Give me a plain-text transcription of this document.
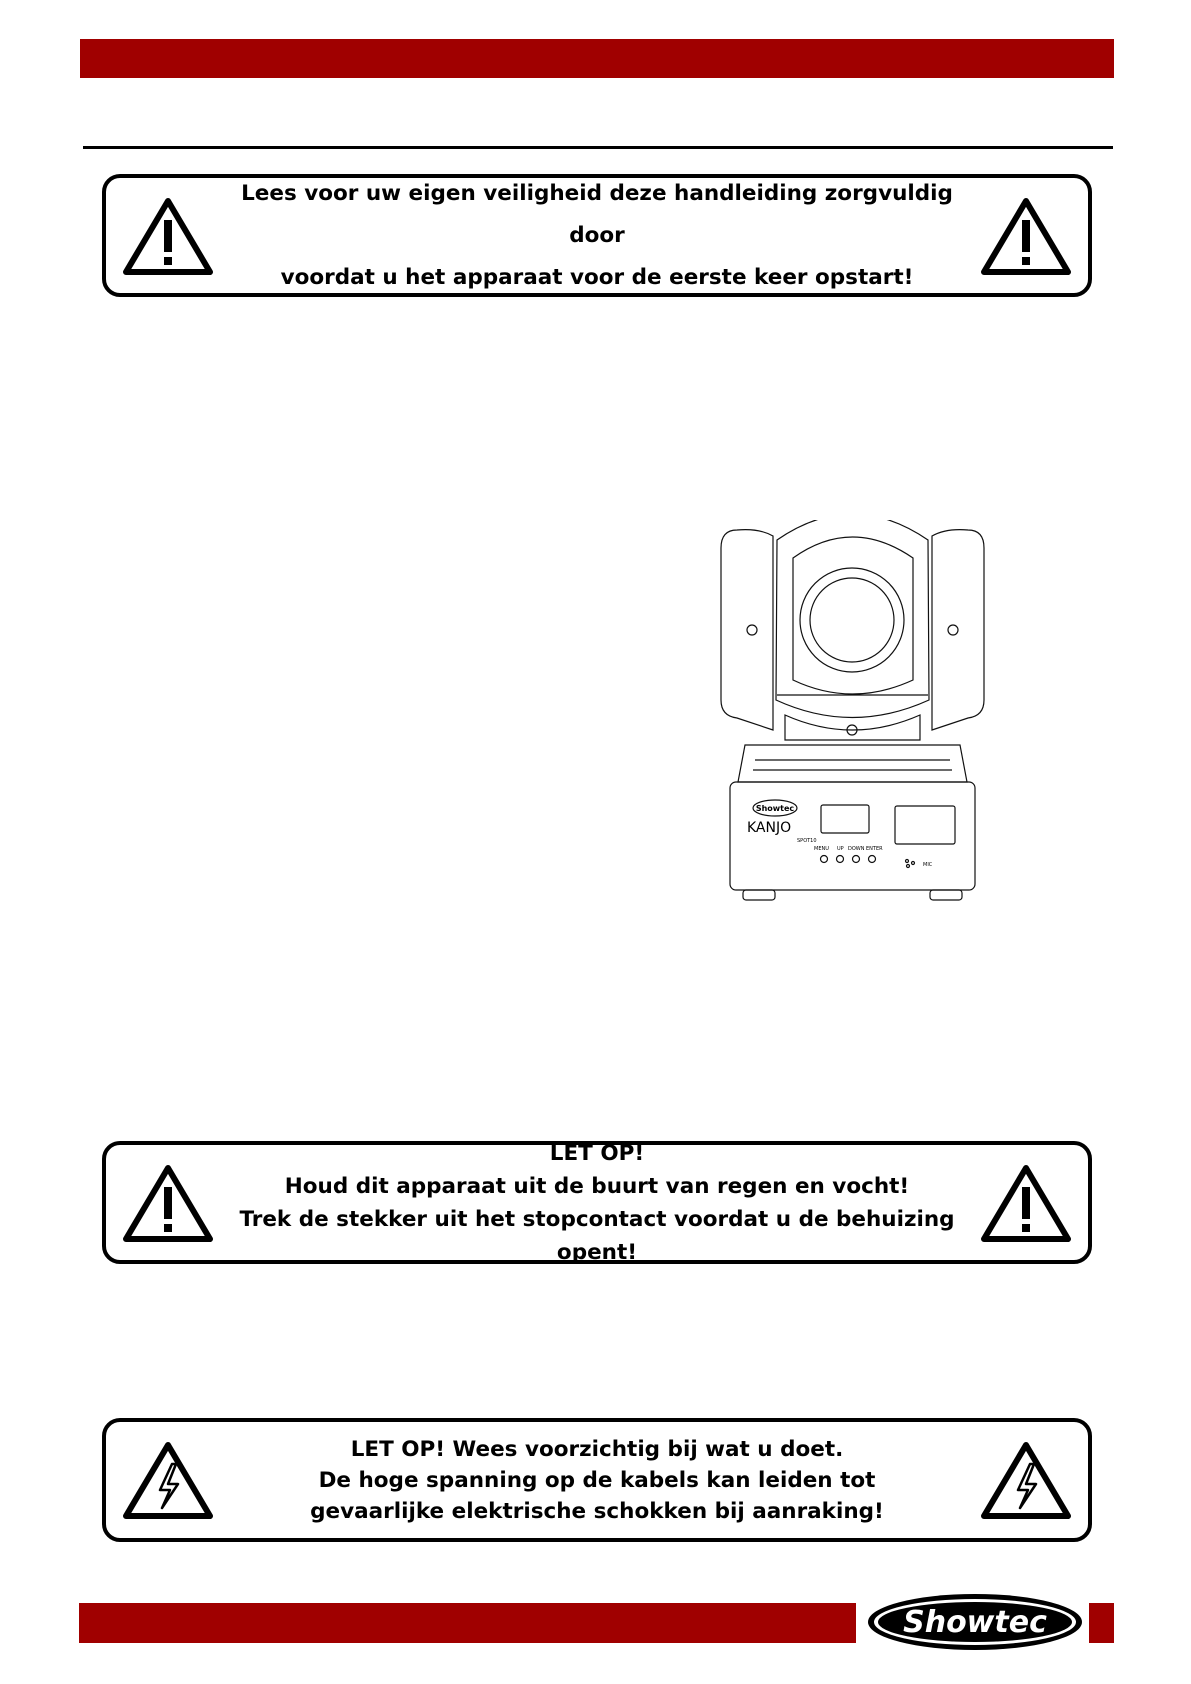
Lees voor uw eigen veiligheid deze handleiding zorgvuldig door
voordat u het apparaat voor de eerste keer opstart!
Showtec
KANJO
SPOT10
MENU UP DOWN ENTER
MIC
LET OP!
Houd dit apparaat uit de buurt van regen en vocht!
Trek de stekker uit het stopcontact voordat u de behuizing opent!
LET OP! Wees voorzichtig bij wat u doet.
De hoge spanning op de kabels kan leiden tot
gevaarlijke elektrische schokken bij aanraking!
Showtec
